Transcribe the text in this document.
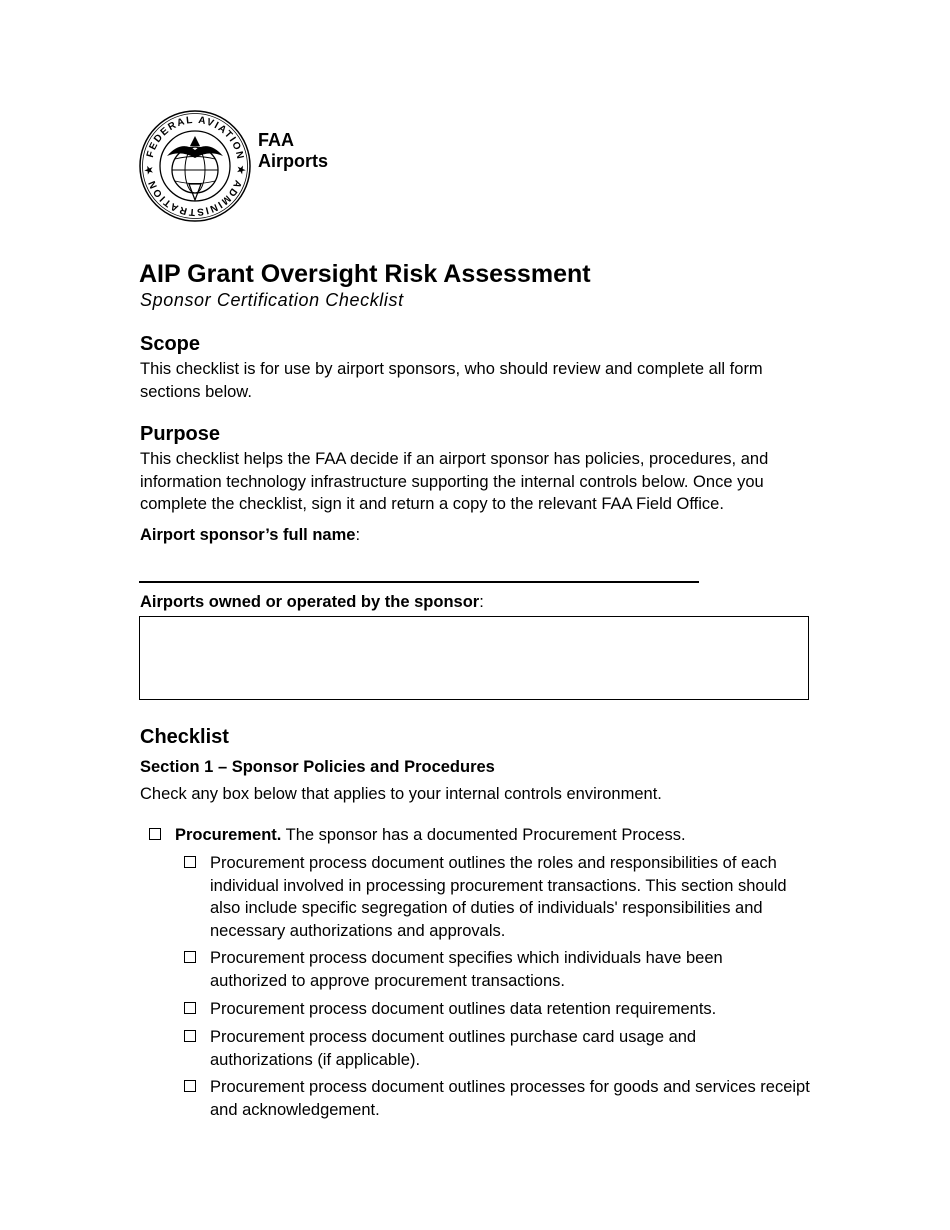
FEDERAL AVIATION ★ ADMINISTRATION ★
FAA
Airports
AIP Grant Oversight Risk Assessment
Sponsor Certification Checklist
Scope
This checklist is for use by airport sponsors, who should review and complete all form sections below.
Purpose
This checklist helps the FAA decide if an airport sponsor has policies, procedures, and information technology infrastructure supporting the internal controls below. Once you complete the checklist, sign it and return a copy to the relevant FAA Field Office.
Airport sponsor’s full name:
Airports owned or operated by the sponsor:
Checklist
Section 1 – Sponsor Policies and Procedures
Check any box below that applies to your internal controls environment.
Procurement. The sponsor has a documented Procurement Process.
Procurement process document outlines the roles and responsibilities of each individual involved in processing procurement transactions. This section should also include specific segregation of duties of individuals' responsibilities and necessary authorizations and approvals.
Procurement process document specifies which individuals have been authorized to approve procurement transactions.
Procurement process document outlines data retention requirements.
Procurement process document outlines purchase card usage and authorizations (if applicable).
Procurement process document outlines processes for goods and services receipt and acknowledgement.
